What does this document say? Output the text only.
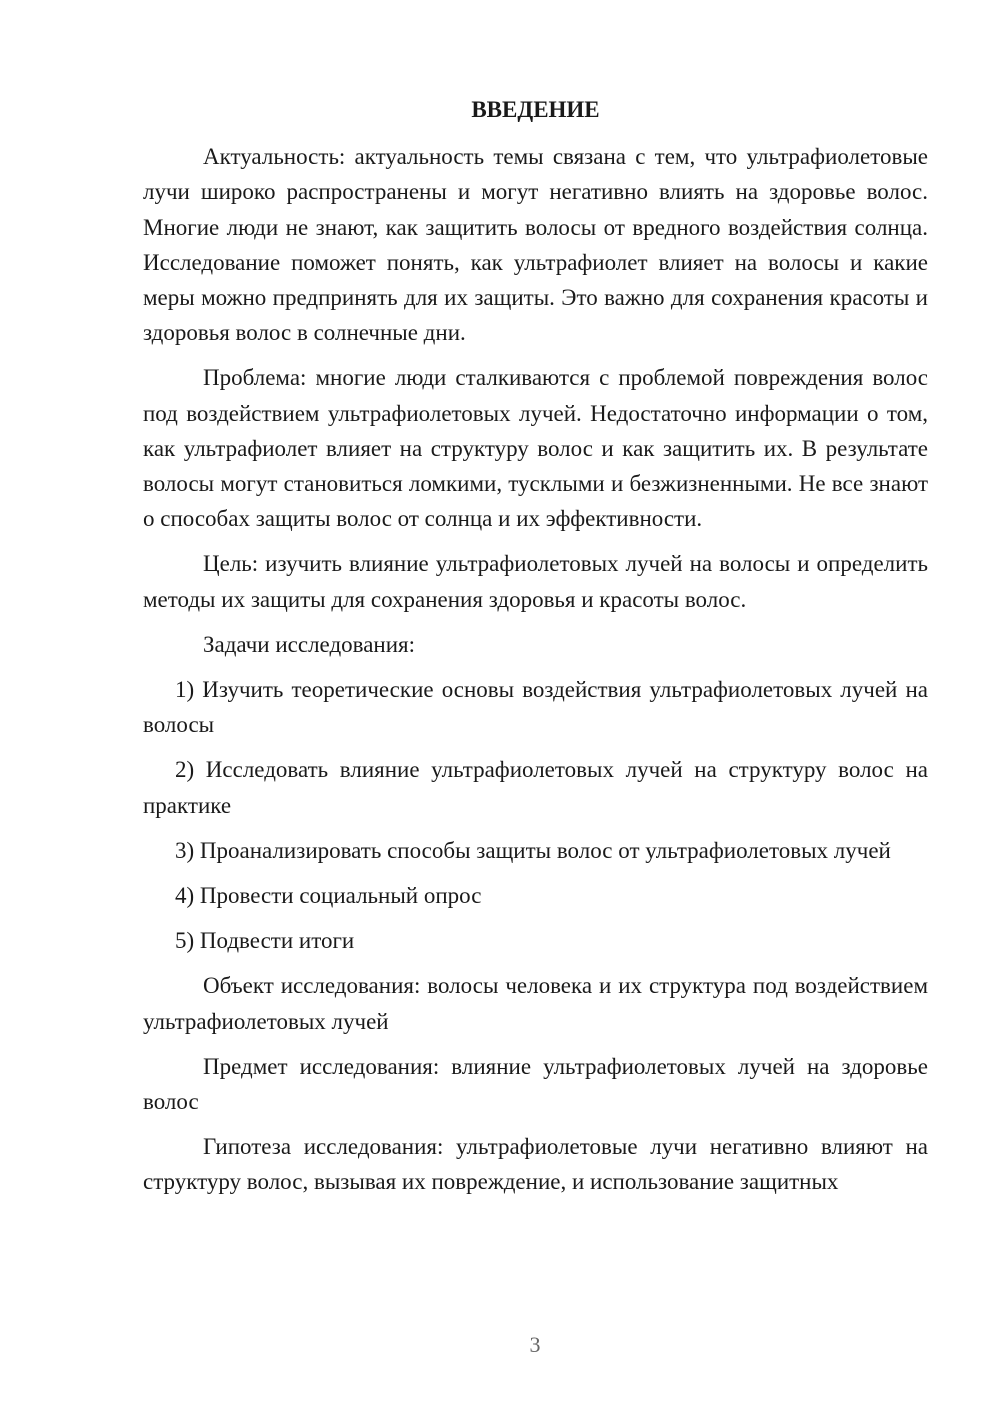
ВВЕДЕНИЕ

Актуальность: актуальность темы связана с тем, что ультрафиолетовые лучи широко распространены и могут негативно влиять на здоровье волос. Многие люди не знают, как защитить волосы от вредного воздействия солнца. Исследование поможет понять, как ультрафиолет влияет на волосы и какие меры можно предпринять для их защиты. Это важно для сохранения красоты и здоровья волос в солнечные дни.

Проблема: многие люди сталкиваются с проблемой повреждения волос под воздействием ультрафиолетовых лучей. Недостаточно информации о том, как ультрафиолет влияет на структуру волос и как защитить их. В результате волосы могут становиться ломкими, тусклыми и безжизненными. Не все знают о способах защиты волос от солнца и их эффективности.

Цель: изучить влияние ультрафиолетовых лучей на волосы и определить методы их защиты для сохранения здоровья и красоты волос.

Задачи исследования:

1) Изучить теоретические основы воздействия ультрафиолетовых лучей на волосы

2) Исследовать влияние ультрафиолетовых лучей на структуру волос на практике

3) Проанализировать способы защиты волос от ультрафиолетовых лучей

4) Провести социальный опрос

5) Подвести итоги

Объект исследования: волосы человека и их структура под воздействием ультрафиолетовых лучей

Предмет исследования: влияние ультрафиолетовых лучей на здоровье волос

Гипотеза исследования: ультрафиолетовые лучи негативно влияют на структуру волос, вызывая их повреждение, и использование защитных

3
